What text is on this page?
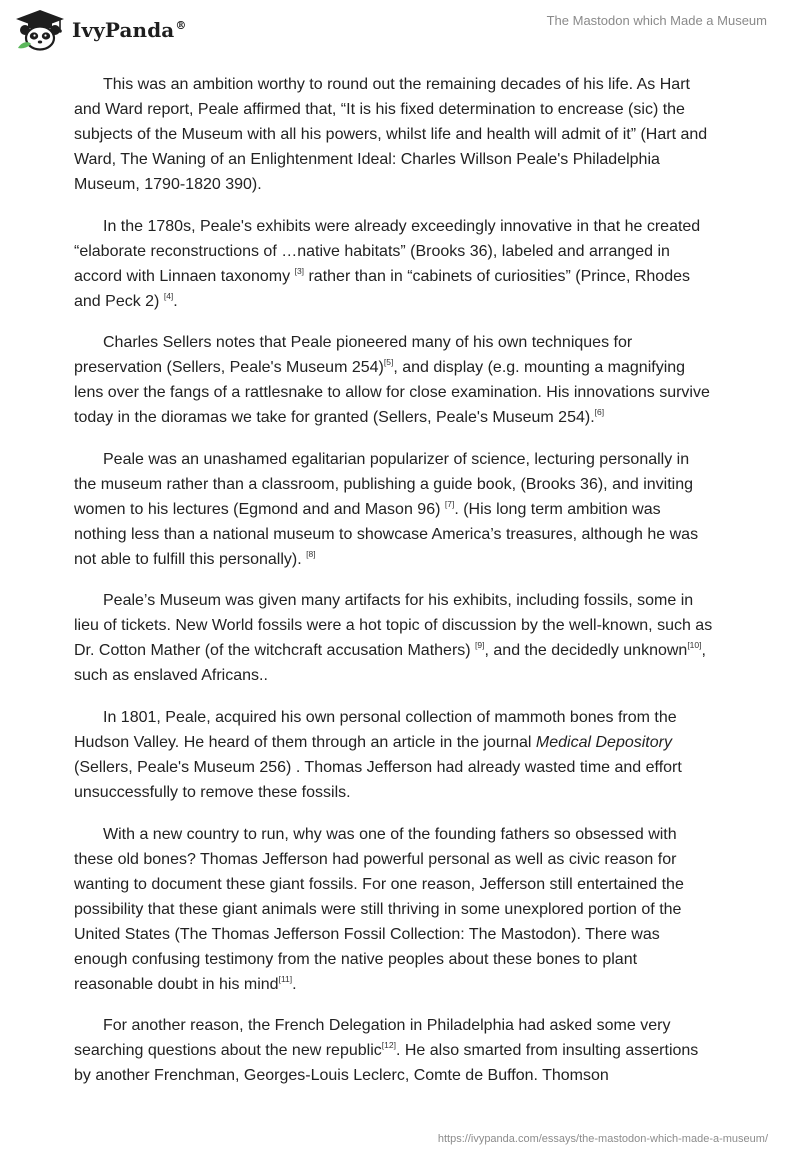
IvyPanda®	The Mastodon which Made a Museum

This was an ambition worthy to round out the remaining decades of his life. As Hart and Ward report, Peale affirmed that, “It is his fixed determination to encrease (sic) the subjects of the Museum with all his powers, whilst life and health will admit of it” (Hart and Ward, The Waning of an Enlightenment Ideal: Charles Willson Peale's Philadelphia Museum, 1790-1820 390).

In the 1780s, Peale's exhibits were already exceedingly innovative in that he created “elaborate reconstructions of …native habitats” (Brooks 36), labeled and arranged in accord with Linnaen taxonomy [3] rather than in “cabinets of curiosities” (Prince, Rhodes and Peck 2) [4].

Charles Sellers notes that Peale pioneered many of his own techniques for preservation (Sellers, Peale's Museum 254)[5], and display (e.g. mounting a magnifying lens over the fangs of a rattlesnake to allow for close examination. His innovations survive today in the dioramas we take for granted (Sellers, Peale's Museum 254).[6]

Peale was an unashamed egalitarian popularizer of science, lecturing personally in the museum rather than a classroom, publishing a guide book, (Brooks 36), and inviting women to his lectures (Egmond and and Mason 96) [7]. (His long term ambition was nothing less than a national museum to showcase America’s treasures, although he was not able to fulfill this personally). [8]

Peale’s Museum was given many artifacts for his exhibits, including fossils, some in lieu of tickets. New World fossils were a hot topic of discussion by the well-known, such as Dr. Cotton Mather (of the witchcraft accusation Mathers) [9], and the decidedly unknown[10], such as enslaved Africans..

In 1801, Peale, acquired his own personal collection of mammoth bones from the Hudson Valley. He heard of them through an article in the journal Medical Depository (Sellers, Peale's Museum 256) . Thomas Jefferson had already wasted time and effort unsuccessfully to remove these fossils.

With a new country to run, why was one of the founding fathers so obsessed with these old bones? Thomas Jefferson had powerful personal as well as civic reason for wanting to document these giant fossils. For one reason, Jefferson still entertained the possibility that these giant animals were still thriving in some unexplored portion of the United States (The Thomas Jefferson Fossil Collection: The Mastodon). There was enough confusing testimony from the native peoples about these bones to plant reasonable doubt in his mind[11].

For another reason, the French Delegation in Philadelphia had asked some very searching questions about the new republic[12]. He also smarted from insulting assertions by another Frenchman, Georges-Louis Leclerc, Comte de Buffon. Thomson

https://ivypanda.com/essays/the-mastodon-which-made-a-museum/
